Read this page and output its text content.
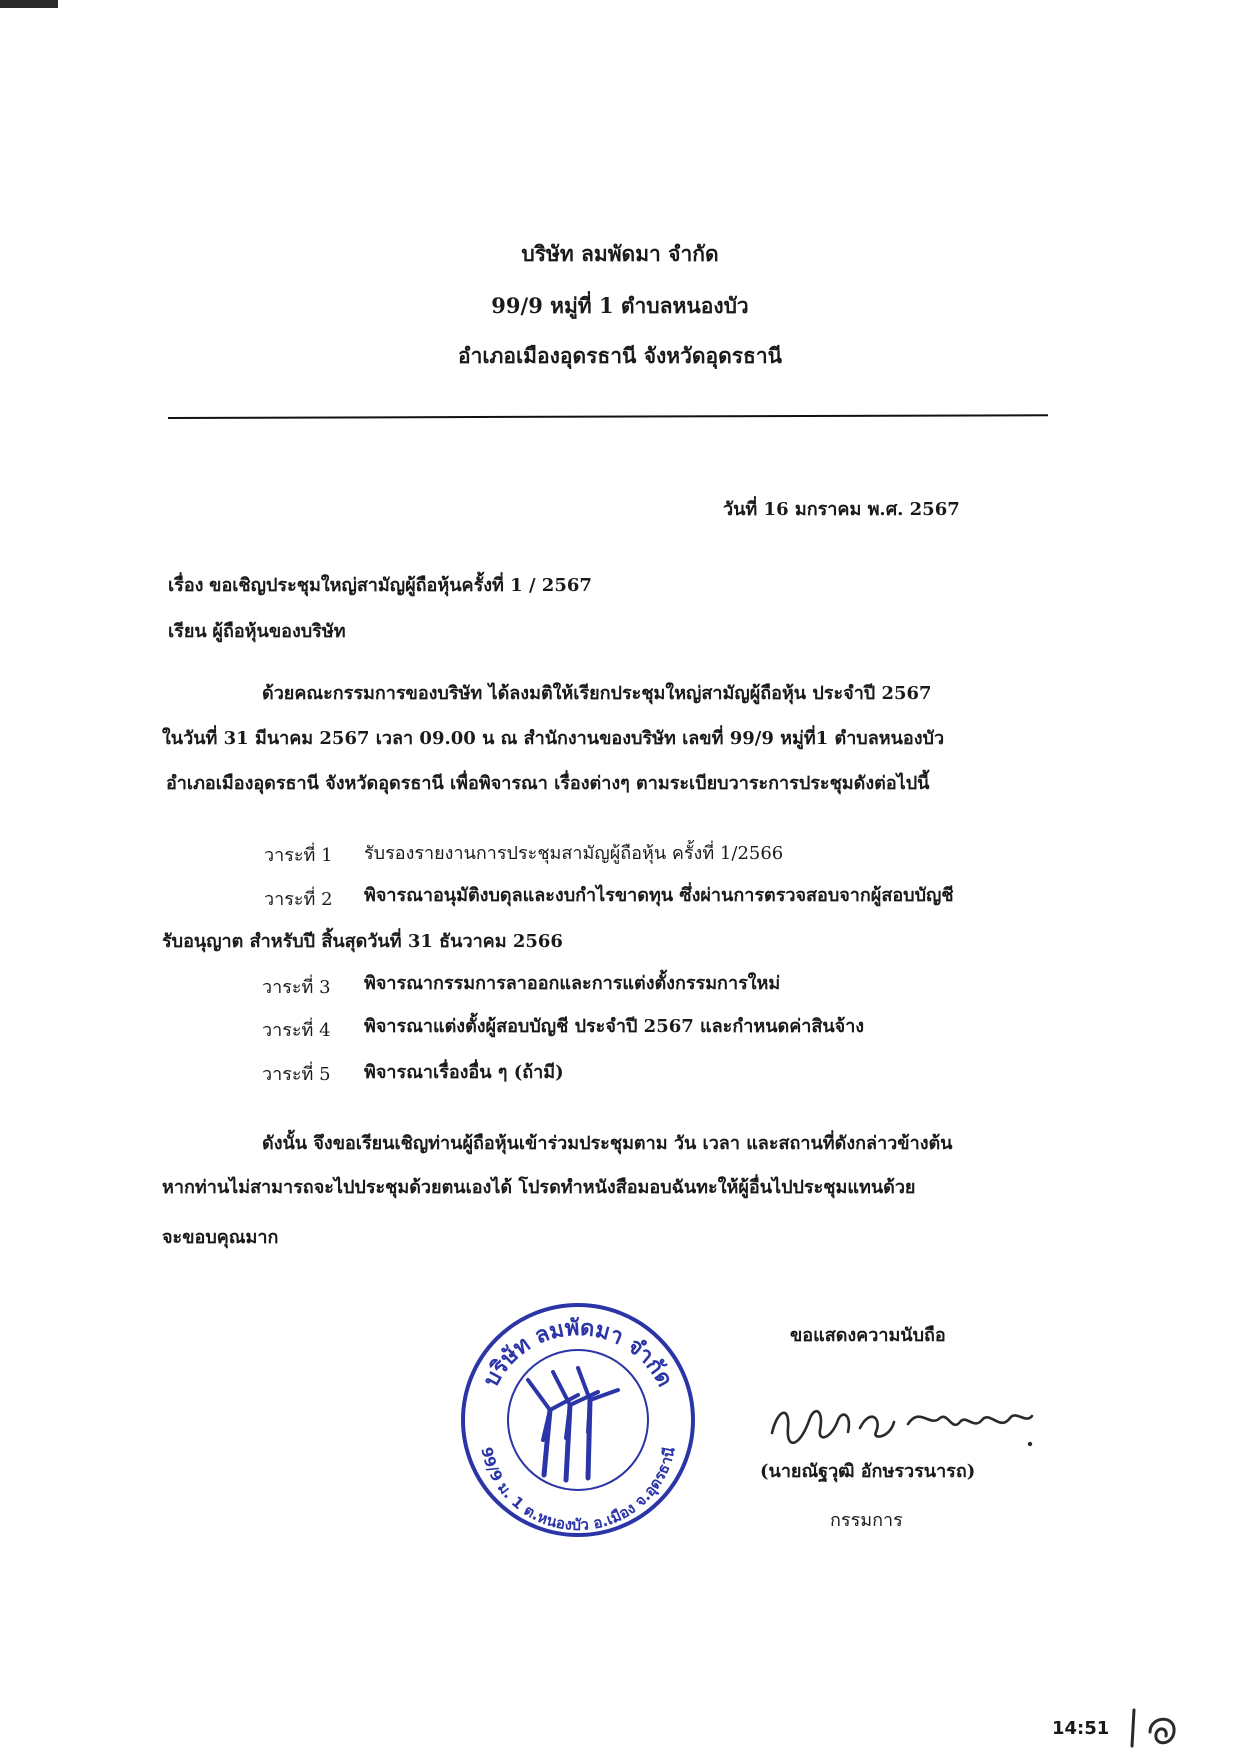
บริษัท ลมพัดมา จำกัด
99/9 หมู่ที่ 1 ตำบลหนองบัว
อำเภอเมืองอุดรธานี จังหวัดอุดรธานี
วันที่ 16 มกราคม พ.ศ. 2567
เรื่อง ขอเชิญประชุมใหญ่สามัญผู้ถือหุ้นครั้งที่ 1 / 2567
เรียน ผู้ถือหุ้นของบริษัท
ด้วยคณะกรรมการของบริษัท ได้ลงมติให้เรียกประชุมใหญ่สามัญผู้ถือหุ้น ประจำปี 2567
ในวันที่ 31 มีนาคม 2567 เวลา 09.00 น ณ สำนักงานของบริษัท เลขที่ 99/9 หมู่ที่1 ตำบลหนองบัว
อำเภอเมืองอุดรธานี จังหวัดอุดรธานี เพื่อพิจารณา เรื่องต่างๆ ตามระเบียบวาระการประชุมดังต่อไปนี้
วาระที่ 1 รับรองรายงานการประชุมสามัญผู้ถือหุ้น ครั้งที่ 1/2566
วาระที่ 2 พิจารณาอนุมัติงบดุลและงบกำไรขาดทุน ซึ่งผ่านการตรวจสอบจากผู้สอบบัญชี
รับอนุญาต สำหรับปี สิ้นสุดวันที่ 31 ธันวาคม 2566
วาระที่ 3 พิจารณากรรมการลาออกและการแต่งตั้งกรรมการใหม่
วาระที่ 4 พิจารณาแต่งตั้งผู้สอบบัญชี ประจำปี 2567 และกำหนดค่าสินจ้าง
วาระที่ 5 พิจารณาเรื่องอื่น ๆ (ถ้ามี)
ดังนั้น จึงขอเรียนเชิญท่านผู้ถือหุ้นเข้าร่วมประชุมตาม วัน เวลา และสถานที่ดังกล่าวข้างต้น
หากท่านไม่สามารถจะไปประชุมด้วยตนเองได้ โปรดทำหนังสือมอบฉันทะให้ผู้อื่นไปประชุมแทนด้วย
จะขอบคุณมาก
ขอแสดงความนับถือ
(นายณัฐวุฒิ อักษรวรนารถ)
กรรมการ
บริษัท ลมพัดมา จำกัด
99/9 ม. 1 ต.หนองบัว อ.เมือง จ.อุดรธานี
14:51
